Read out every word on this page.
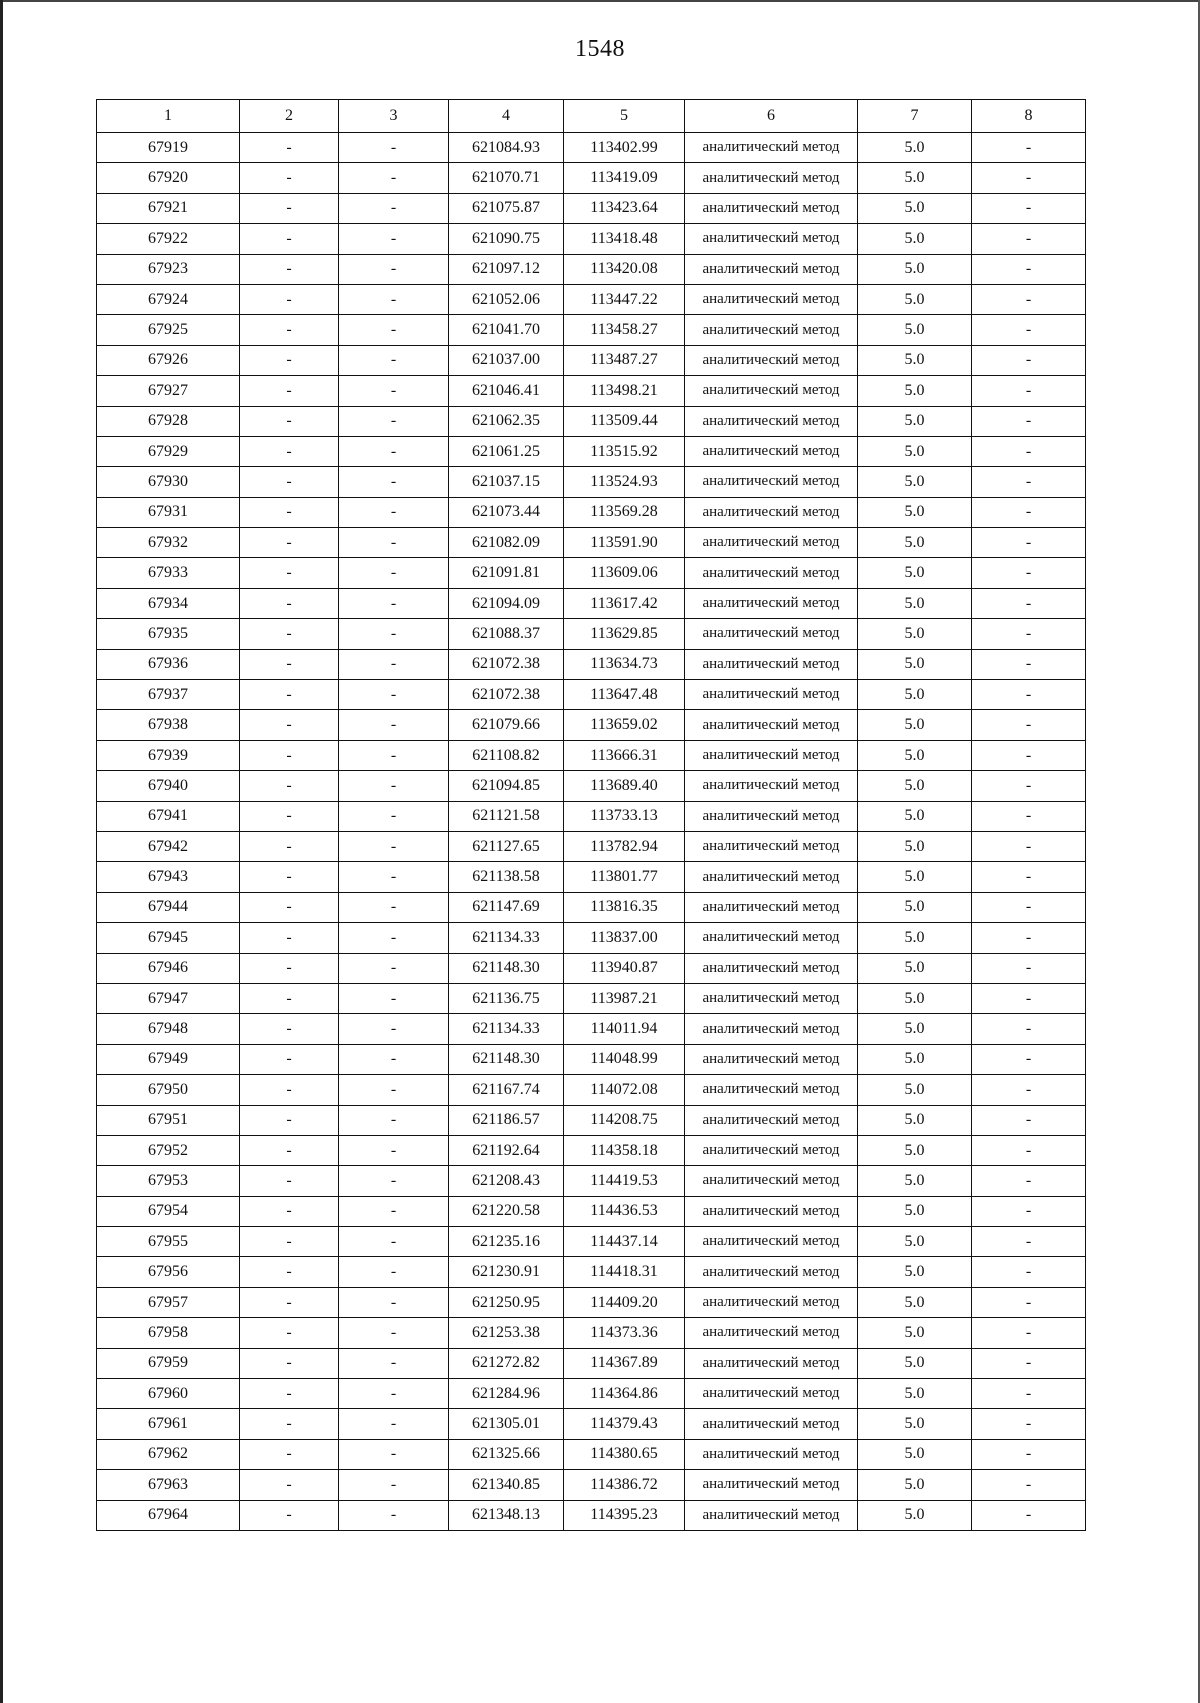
1548
1	2	3	4	5	6	7	8
67919	-	-	621084.93	113402.99	аналитический метод	5.0	-
67920	-	-	621070.71	113419.09	аналитический метод	5.0	-
67921	-	-	621075.87	113423.64	аналитический метод	5.0	-
67922	-	-	621090.75	113418.48	аналитический метод	5.0	-
67923	-	-	621097.12	113420.08	аналитический метод	5.0	-
67924	-	-	621052.06	113447.22	аналитический метод	5.0	-
67925	-	-	621041.70	113458.27	аналитический метод	5.0	-
67926	-	-	621037.00	113487.27	аналитический метод	5.0	-
67927	-	-	621046.41	113498.21	аналитический метод	5.0	-
67928	-	-	621062.35	113509.44	аналитический метод	5.0	-
67929	-	-	621061.25	113515.92	аналитический метод	5.0	-
67930	-	-	621037.15	113524.93	аналитический метод	5.0	-
67931	-	-	621073.44	113569.28	аналитический метод	5.0	-
67932	-	-	621082.09	113591.90	аналитический метод	5.0	-
67933	-	-	621091.81	113609.06	аналитический метод	5.0	-
67934	-	-	621094.09	113617.42	аналитический метод	5.0	-
67935	-	-	621088.37	113629.85	аналитический метод	5.0	-
67936	-	-	621072.38	113634.73	аналитический метод	5.0	-
67937	-	-	621072.38	113647.48	аналитический метод	5.0	-
67938	-	-	621079.66	113659.02	аналитический метод	5.0	-
67939	-	-	621108.82	113666.31	аналитический метод	5.0	-
67940	-	-	621094.85	113689.40	аналитический метод	5.0	-
67941	-	-	621121.58	113733.13	аналитический метод	5.0	-
67942	-	-	621127.65	113782.94	аналитический метод	5.0	-
67943	-	-	621138.58	113801.77	аналитический метод	5.0	-
67944	-	-	621147.69	113816.35	аналитический метод	5.0	-
67945	-	-	621134.33	113837.00	аналитический метод	5.0	-
67946	-	-	621148.30	113940.87	аналитический метод	5.0	-
67947	-	-	621136.75	113987.21	аналитический метод	5.0	-
67948	-	-	621134.33	114011.94	аналитический метод	5.0	-
67949	-	-	621148.30	114048.99	аналитический метод	5.0	-
67950	-	-	621167.74	114072.08	аналитический метод	5.0	-
67951	-	-	621186.57	114208.75	аналитический метод	5.0	-
67952	-	-	621192.64	114358.18	аналитический метод	5.0	-
67953	-	-	621208.43	114419.53	аналитический метод	5.0	-
67954	-	-	621220.58	114436.53	аналитический метод	5.0	-
67955	-	-	621235.16	114437.14	аналитический метод	5.0	-
67956	-	-	621230.91	114418.31	аналитический метод	5.0	-
67957	-	-	621250.95	114409.20	аналитический метод	5.0	-
67958	-	-	621253.38	114373.36	аналитический метод	5.0	-
67959	-	-	621272.82	114367.89	аналитический метод	5.0	-
67960	-	-	621284.96	114364.86	аналитический метод	5.0	-
67961	-	-	621305.01	114379.43	аналитический метод	5.0	-
67962	-	-	621325.66	114380.65	аналитический метод	5.0	-
67963	-	-	621340.85	114386.72	аналитический метод	5.0	-
67964	-	-	621348.13	114395.23	аналитический метод	5.0	-
